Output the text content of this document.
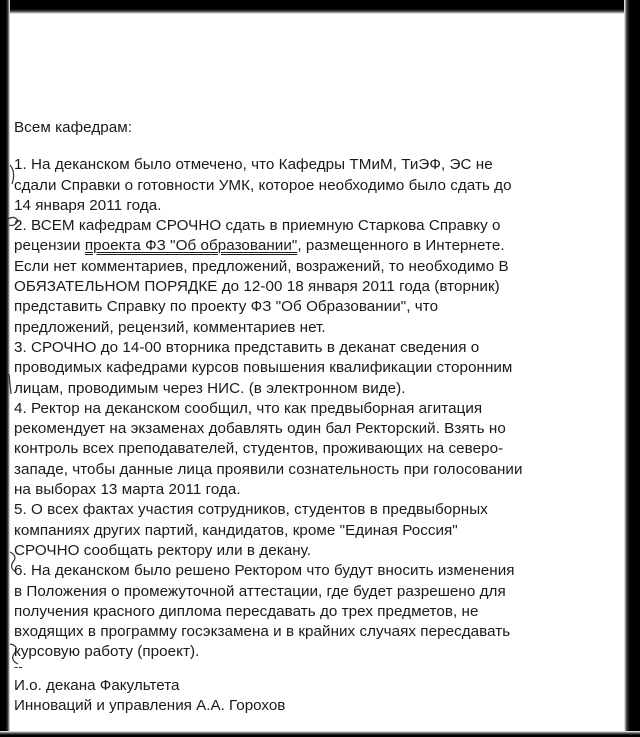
Всем кафедрам:
1. На деканском было отмечено, что Кафедры ТМиМ, ТиЭФ, ЭС не
сдали Справки о готовности УМК, которое необходимо было сдать до
14 января 2011 года.
2. ВСЕМ кафедрам СРОЧНО сдать в приемную Старкова Справку о
рецензии проекта ФЗ "Об образовании", размещенного в Интернете.
Если нет комментариев, предложений, возражений, то необходимо В
ОБЯЗАТЕЛЬНОМ ПОРЯДКЕ до 12-00 18 января 2011 года (вторник)
представить Справку по проекту ФЗ "Об Образовании", что
предложений, рецензий, комментариев нет.
3. СРОЧНО до 14-00 вторника представить в деканат сведения о
проводимых кафедрами курсов повышения квалификации сторонним
лицам, проводимым через НИС. (в электронном виде).
4. Ректор на деканском сообщил, что как предвыборная агитация
рекомендует на экзаменах добавлять один бал Ректорский. Взять но
контроль всех преподавателей, студентов, проживающих на северо-
западе, чтобы данные лица проявили сознательность при голосовании
на выборах 13 марта 2011 года.
5. О всех фактах участия сотрудников, студентов в предвыборных
компаниях других партий, кандидатов, кроме "Единая Россия"
СРОЧНО сообщать ректору или в декану.
6. На деканском было решено Ректором что будут вносить изменения
в Положения о промежуточной аттестации, где будет разрешено для
получения красного диплома пересдавать до трех предметов, не
входящих в программу госэкзамена и в крайних случаях пересдавать
курсовую работу (проект).
--
И.о. декана Факультета
Инноваций и управления А.А. Горохов
